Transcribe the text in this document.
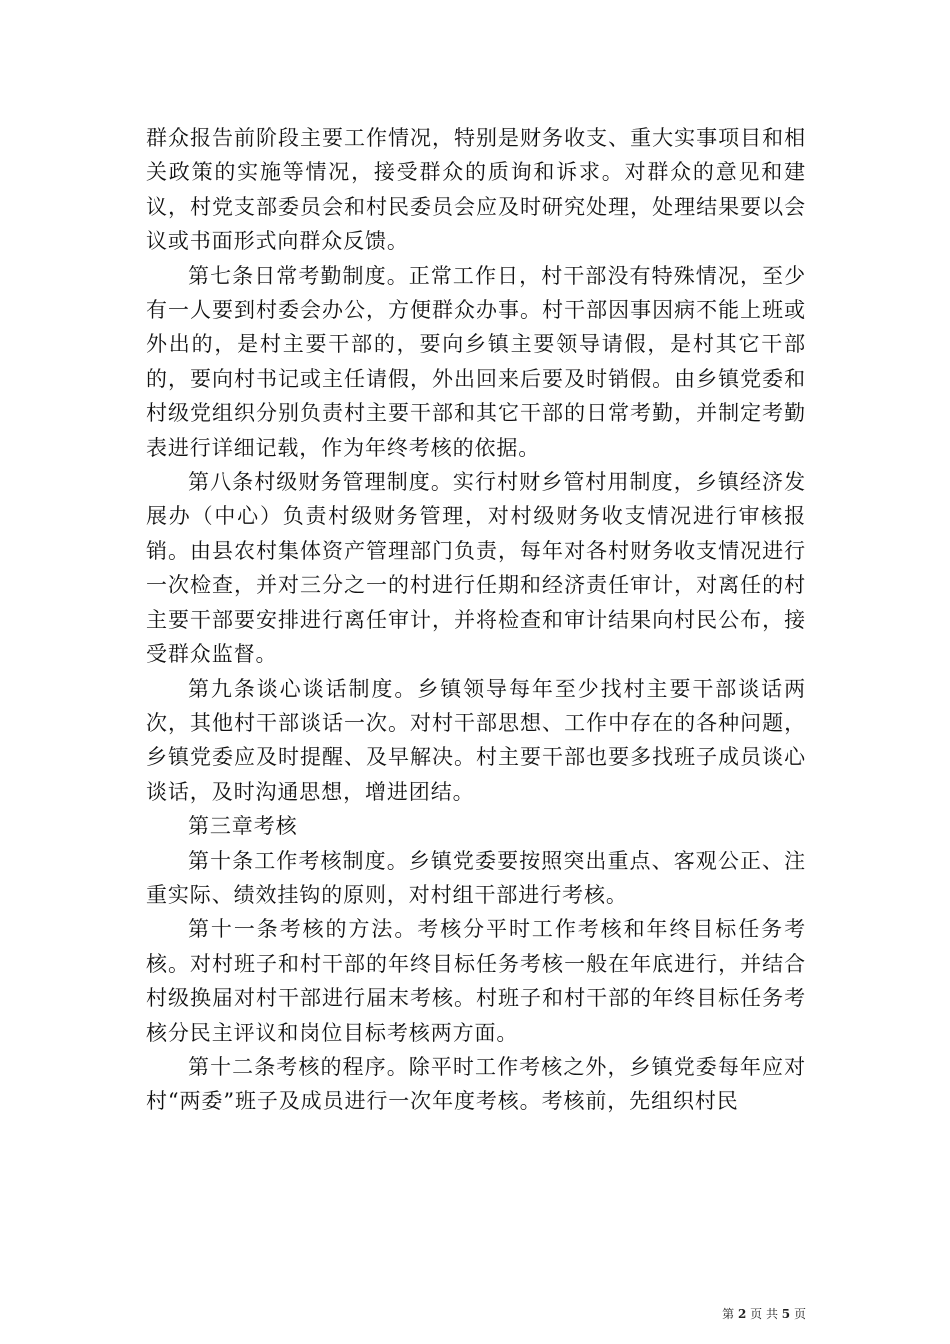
群众报告前阶段主要工作情况，特别是财务收支、重大实事项目和相关政策的实施等情况，接受群众的质询和诉求。对群众的意见和建议，村党支部委员会和村民委员会应及时研究处理，处理结果要以会议或书面形式向群众反馈。

第七条日常考勤制度。正常工作日，村干部没有特殊情况，至少有一人要到村委会办公，方便群众办事。村干部因事因病不能上班或外出的，是村主要干部的，要向乡镇主要领导请假，是村其它干部的，要向村书记或主任请假，外出回来后要及时销假。由乡镇党委和村级党组织分别负责村主要干部和其它干部的日常考勤，并制定考勤表进行详细记载，作为年终考核的依据。

第八条村级财务管理制度。实行村财乡管村用制度，乡镇经济发展办（中心）负责村级财务管理，对村级财务收支情况进行审核报销。由县农村集体资产管理部门负责，每年对各村财务收支情况进行一次检查，并对三分之一的村进行任期和经济责任审计，对离任的村主要干部要安排进行离任审计，并将检查和审计结果向村民公布，接受群众监督。

第九条谈心谈话制度。乡镇领导每年至少找村主要干部谈话两次，其他村干部谈话一次。对村干部思想、工作中存在的各种问题，乡镇党委应及时提醒、及早解决。村主要干部也要多找班子成员谈心谈话，及时沟通思想，增进团结。

第三章考核

第十条工作考核制度。乡镇党委要按照突出重点、客观公正、注重实际、绩效挂钩的原则，对村组干部进行考核。

第十一条考核的方法。考核分平时工作考核和年终目标任务考核。对村班子和村干部的年终目标任务考核一般在年底进行，并结合村级换届对村干部进行届末考核。村班子和村干部的年终目标任务考核分民主评议和岗位目标考核两方面。

第十二条考核的程序。除平时工作考核之外，乡镇党委每年应对村“两委”班子及成员进行一次年度考核。考核前，先组织村民

第 2 页 共 5 页
